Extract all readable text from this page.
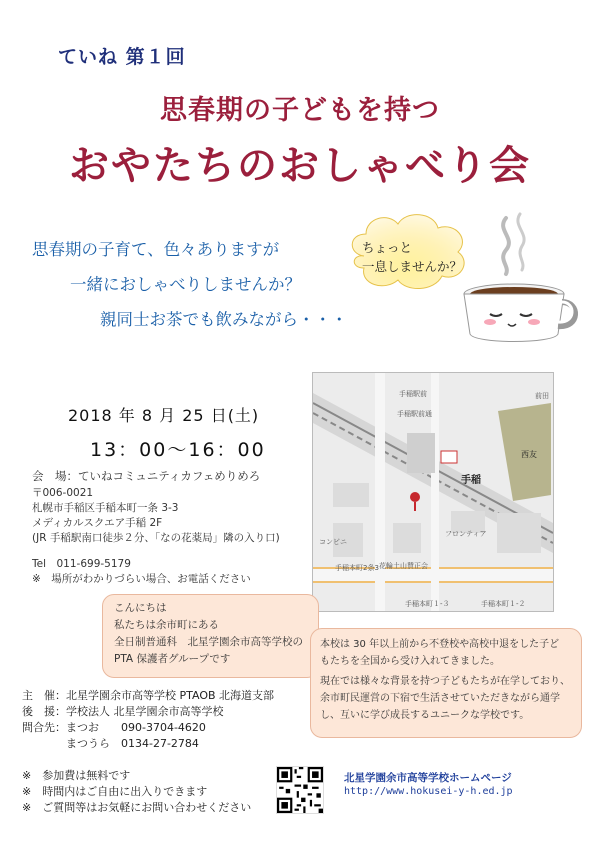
ていね 第１回
思春期の子どもを持つ
おやたちのおしゃべり会
思春期の子育て、色々ありますが
一緒におしゃべりしませんか？
親同士お茶でも飲みながら・・・
ちょっと
一息しませんか？
2018 年 8 月 25 日(土)
13：00〜16：00
会　場：ていねコミュニティカフェめりめろ
〒006-0021
札幌市手稲区手稲本町一条 3-3
メディカルスクエア手稲 2F
(JR 手稲駅南口徒歩２分、「なの花薬局」隣の入り口)
Tel　011-699-5179
※　場所がわかりづらい場合、お電話ください
手稲
西友
手稲駅前
手稲駅前通
フロンティア
コンビニ
手稲本町2条3 花輪土山賛正会
手稲本町１-３	手稲本町１-２
前田
こんにちは
私たちは余市町にある
全日制普通科　北星学園余市高等学校の
PTA 保護者グループです
本校は 30 年以上前から不登校や高校中退をした子ど
もたちを全国から受け入れてきました。
現在では様々な背景を持つ子どもたちが在学しており、
余市町民運営の下宿で生活させていただきながら通学
し、互いに学び成長するユニークな学校です。
主　催：北星学園余市高等学校 PTAOB 北海道支部
後　援：学校法人 北星学園余市高等学校
問合先：まつお　　090-3704-4620
　　　　まつうら　0134-27-2784
※　参加費は無料です
※　時間内はご自由に出入りできます
※　ご質問等はお気軽にお問い合わせください
北星学園余市高等学校ホームページ
http://www.hokusei-y-h.ed.jp
